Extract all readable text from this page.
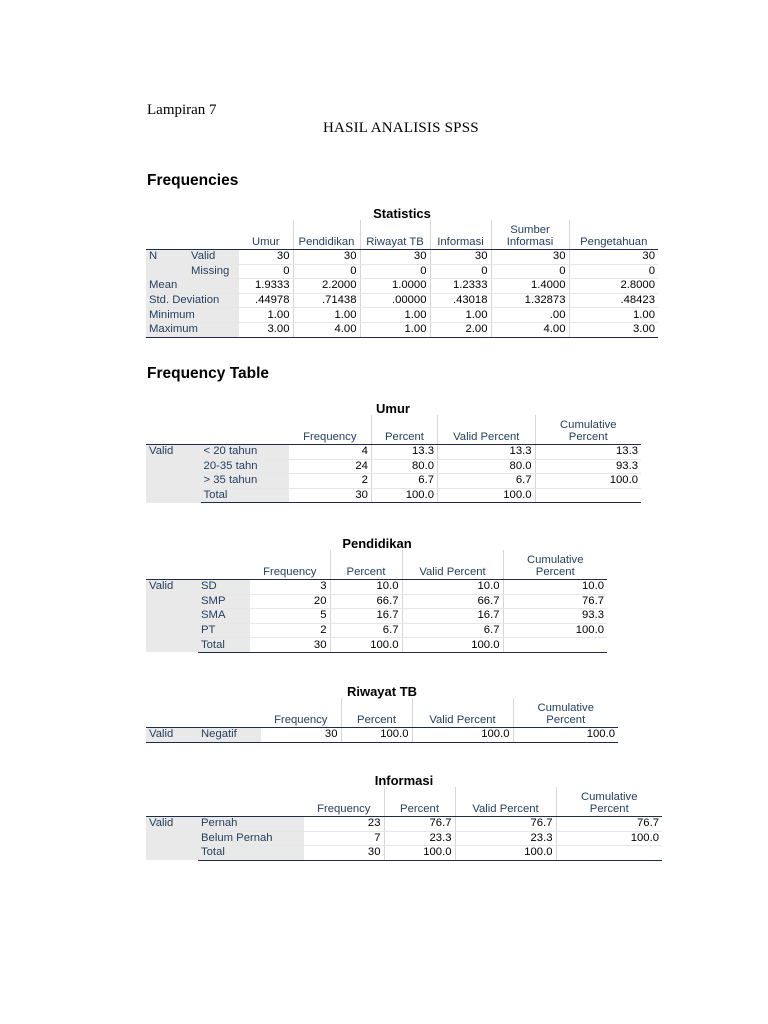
Lampiran 7
HASIL ANALISIS SPSS
Frequencies
Statistics
		Umur	Pendidikan	Riwayat TB	Informasi	Sumber
Informasi	Pengetahuan
N	Valid	30	30	30	30	30	30
	Missing	0	0	0	0	0	0
Mean		1.9333	2.2000	1.0000	1.2333	1.4000	2.8000
Std. Deviation		.44978	.71438	.00000	.43018	1.32873	.48423
Minimum		1.00	1.00	1.00	1.00	.00	1.00
Maximum		3.00	4.00	1.00	2.00	4.00	3.00
Frequency Table
Umur
		Frequency	Percent	Valid Percent	Cumulative
Percent
Valid	< 20 tahun	4	13.3	13.3	13.3
	20-35 tahn	24	80.0	80.0	93.3
	> 35 tahun	2	6.7	6.7	100.0
	Total	30	100.0	100.0	
Pendidikan
		Frequency	Percent	Valid Percent	Cumulative
Percent
Valid	SD	3	10.0	10.0	10.0
	SMP	20	66.7	66.7	76.7
	SMA	5	16.7	16.7	93.3
	PT	2	6.7	6.7	100.0
	Total	30	100.0	100.0	
Riwayat TB
		Frequency	Percent	Valid Percent	Cumulative
Percent
Valid	Negatif	30	100.0	100.0	100.0
Informasi
		Frequency	Percent	Valid Percent	Cumulative
Percent
Valid	Pernah	23	76.7	76.7	76.7
	Belum Pernah	7	23.3	23.3	100.0
	Total	30	100.0	100.0	
